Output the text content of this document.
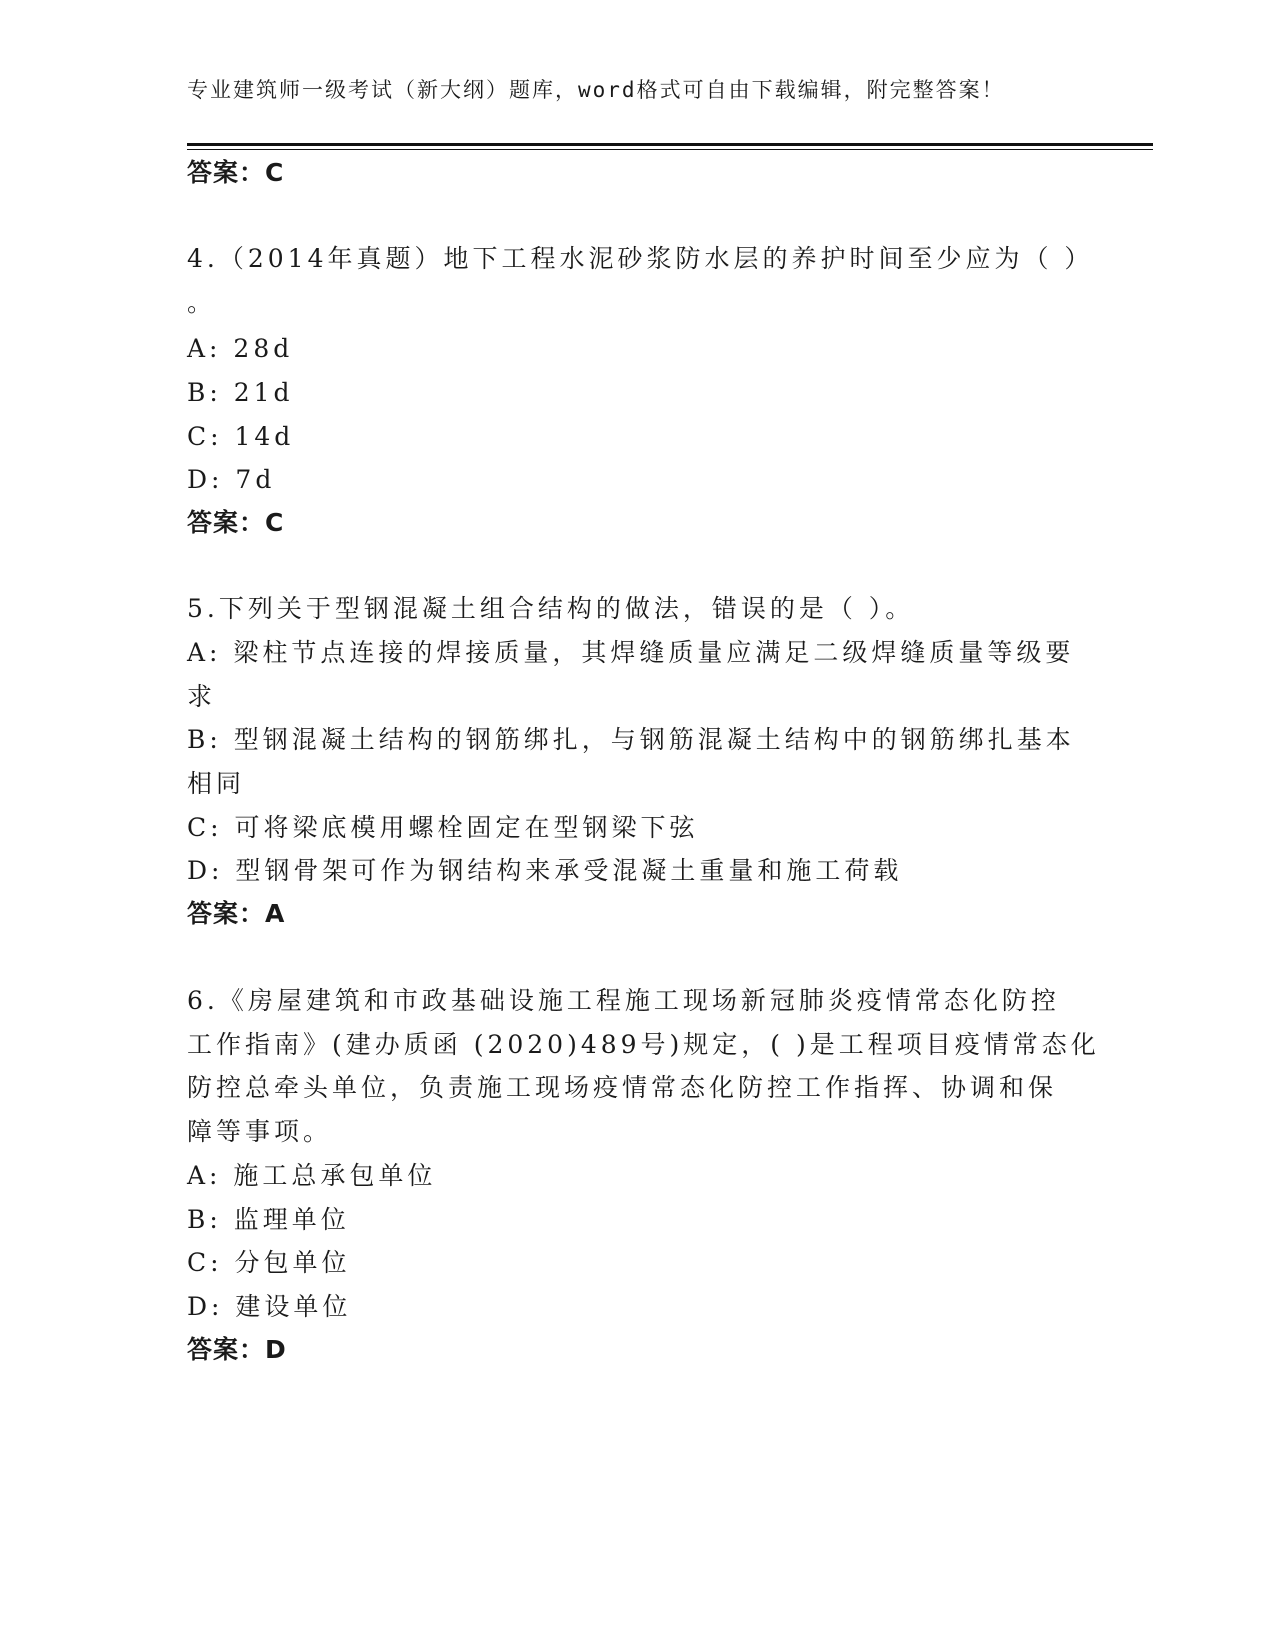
专业建筑师一级考试（新大纲）题库，word格式可自由下载编辑，附完整答案！
答案：C
4.（2014年真题）地下工程水泥砂浆防水层的养护时间至少应为（ ）
。
A: 28d
B: 21d
C: 14d
D: 7d
答案：C
5.下列关于型钢混凝土组合结构的做法，错误的是（ ）。
A: 梁柱节点连接的焊接质量，其焊缝质量应满足二级焊缝质量等级要
求
B: 型钢混凝土结构的钢筋绑扎，与钢筋混凝土结构中的钢筋绑扎基本
相同
C: 可将梁底模用螺栓固定在型钢梁下弦
D: 型钢骨架可作为钢结构来承受混凝土重量和施工荷载
答案：A
6.《房屋建筑和市政基础设施工程施工现场新冠肺炎疫情常态化防控
工作指南》(建办质函 (2020)489号)规定，( )是工程项目疫情常态化
防控总牵头单位，负责施工现场疫情常态化防控工作指挥、协调和保
障等事项。
A: 施工总承包单位
B: 监理单位
C: 分包单位
D: 建设单位
答案：D
